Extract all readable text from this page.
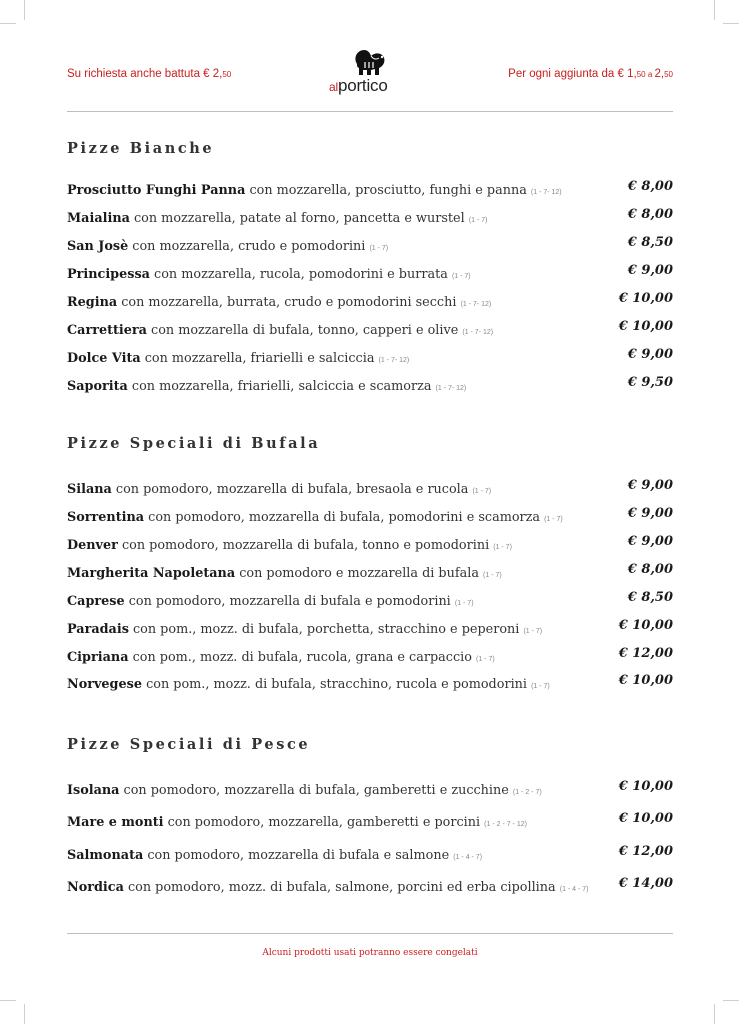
Su richiesta anche battuta € 2,50
alportico
Per ogni aggiunta da € 1,50 a 2,50
Pizze Bianche
Prosciutto Funghi Panna con mozzarella, prosciutto, funghi e panna (1 - 7- 12)	€ 8,00
Maialina con mozzarella, patate al forno, pancetta e wurstel (1 - 7)	€ 8,00
San Josè con mozzarella, crudo e pomodorini (1 - 7)	€ 8,50
Principessa con mozzarella, rucola, pomodorini e burrata (1 - 7)	€ 9,00
Regina con mozzarella, burrata, crudo e pomodorini secchi (1 - 7- 12)	€ 10,00
Carrettiera con mozzarella di bufala, tonno, capperi e olive (1 - 7- 12)	€ 10,00
Dolce Vita con mozzarella, friarielli e salciccia (1 - 7- 12)	€ 9,00
Saporita con mozzarella, friarielli, salciccia e scamorza (1 - 7- 12)	€ 9,50
Pizze Speciali di Bufala
Silana con pomodoro, mozzarella di bufala, bresaola e rucola (1 - 7)	€ 9,00
Sorrentina con pomodoro, mozzarella di bufala, pomodorini e scamorza (1 - 7)	€ 9,00
Denver con pomodoro, mozzarella di bufala, tonno e pomodorini (1 - 7)	€ 9,00
Margherita Napoletana con pomodoro e mozzarella di bufala (1 - 7)	€ 8,00
Caprese con pomodoro, mozzarella di bufala e pomodorini (1 - 7)	€ 8,50
Paradais con pom., mozz. di bufala, porchetta, stracchino e peperoni (1 - 7)	€ 10,00
Cipriana con pom., mozz. di bufala, rucola, grana e carpaccio (1 - 7)	€ 12,00
Norvegese con pom., mozz. di bufala, stracchino, rucola e pomodorini (1 - 7)	€ 10,00
Pizze Speciali di Pesce
Isolana con pomodoro, mozzarella di bufala, gamberetti e zucchine (1 - 2 - 7)	€ 10,00
Mare e monti con pomodoro, mozzarella, gamberetti e porcini (1 - 2 - 7 - 12)	€ 10,00
Salmonata con pomodoro, mozzarella di bufala e salmone (1 - 4 - 7)	€ 12,00
Nordica con pomodoro, mozz. di bufala, salmone, porcini ed erba cipollina (1 - 4 - 7) € 14,00
Alcuni prodotti usati potranno essere congelati
